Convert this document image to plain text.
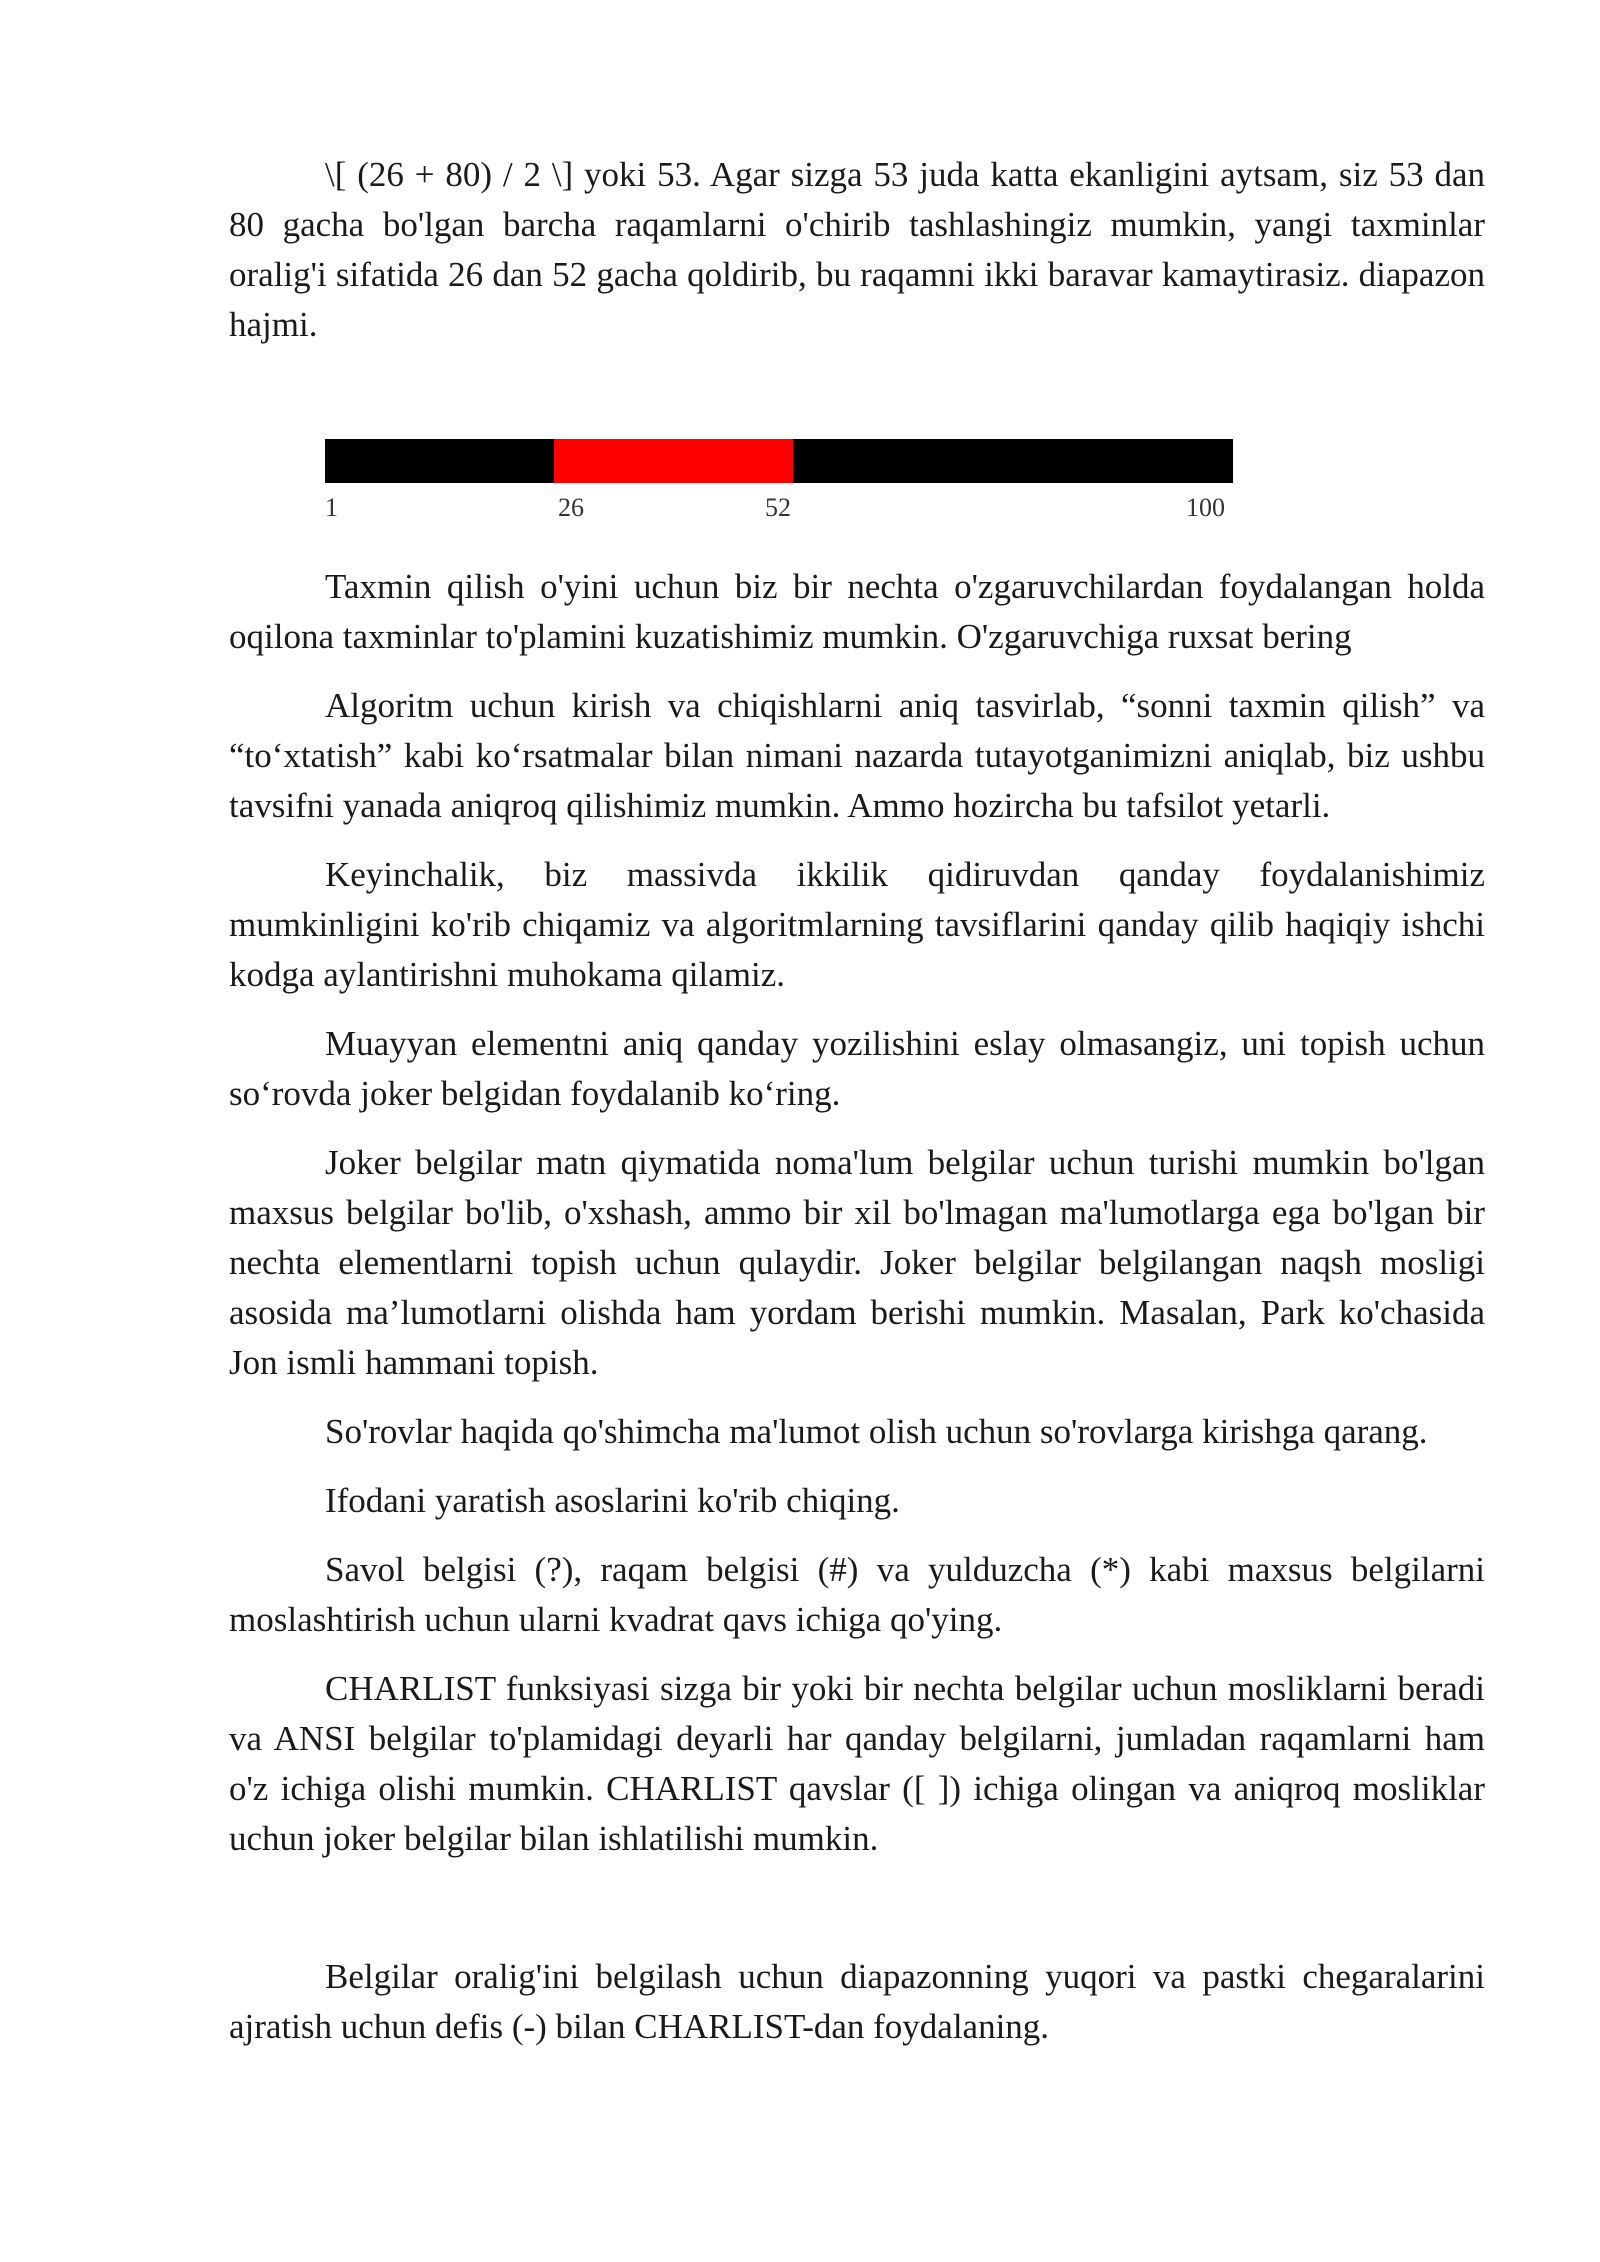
\[ (26 + 80) / 2 \] yoki 53. Agar sizga 53 juda katta ekanligini aytsam, siz 53 dan 80 gacha bo'lgan barcha raqamlarni o'chirib tashlashingiz mumkin, yangi taxminlar oralig'i sifatida 26 dan 52 gacha qoldirib, bu raqamni ikki baravar kamaytirasiz. diapazon hajmi.

Taxmin qilish o'yini uchun biz bir nechta o'zgaruvchilardan foydalangan holda oqilona taxminlar to'plamini kuzatishimiz mumkin. O'zgaruvchiga ruxsat bering

Algoritm uchun kirish va chiqishlarni aniq tasvirlab, “sonni taxmin qilish” va “to‘xtatish” kabi ko‘rsatmalar bilan nimani nazarda tutayotganimizni aniqlab, biz ushbu tavsifni yanada aniqroq qilishimiz mumkin. Ammo hozircha bu tafsilot yetarli.

Keyinchalik, biz massivda ikkilik qidiruvdan qanday foydalanishimiz mumkinligini ko'rib chiqamiz va algoritmlarning tavsiflarini qanday qilib haqiqiy ishchi kodga aylantirishni muhokama qilamiz.

Muayyan elementni aniq qanday yozilishini eslay olmasangiz, uni topish uchun so‘rovda joker belgidan foydalanib ko‘ring.

Joker belgilar matn qiymatida noma'lum belgilar uchun turishi mumkin bo'lgan maxsus belgilar bo'lib, o'xshash, ammo bir xil bo'lmagan ma'lumotlarga ega bo'lgan bir nechta elementlarni topish uchun qulaydir. Joker belgilar belgilangan naqsh mosligi asosida ma’lumotlarni olishda ham yordam berishi mumkin. Masalan, Park ko'chasida Jon ismli hammani topish.

So'rovlar haqida qo'shimcha ma'lumot olish uchun so'rovlarga kirishga qarang.

Ifodani yaratish asoslarini ko'rib chiqing.

Savol belgisi (?), raqam belgisi (#) va yulduzcha (*) kabi maxsus belgilarni moslashtirish uchun ularni kvadrat qavs ichiga qo'ying.

CHARLIST funksiyasi sizga bir yoki bir nechta belgilar uchun mosliklarni beradi va ANSI belgilar to'plamidagi deyarli har qanday belgilarni, jumladan raqamlarni ham o'z ichiga olishi mumkin. CHARLIST qavslar ([ ]) ichiga olingan va aniqroq mosliklar uchun joker belgilar bilan ishlatilishi mumkin.

Belgilar oralig'ini belgilash uchun diapazonning yuqori va pastki chegaralarini ajratish uchun defis (-) bilan CHARLIST-dan foydalaning.

1	26	52	100
